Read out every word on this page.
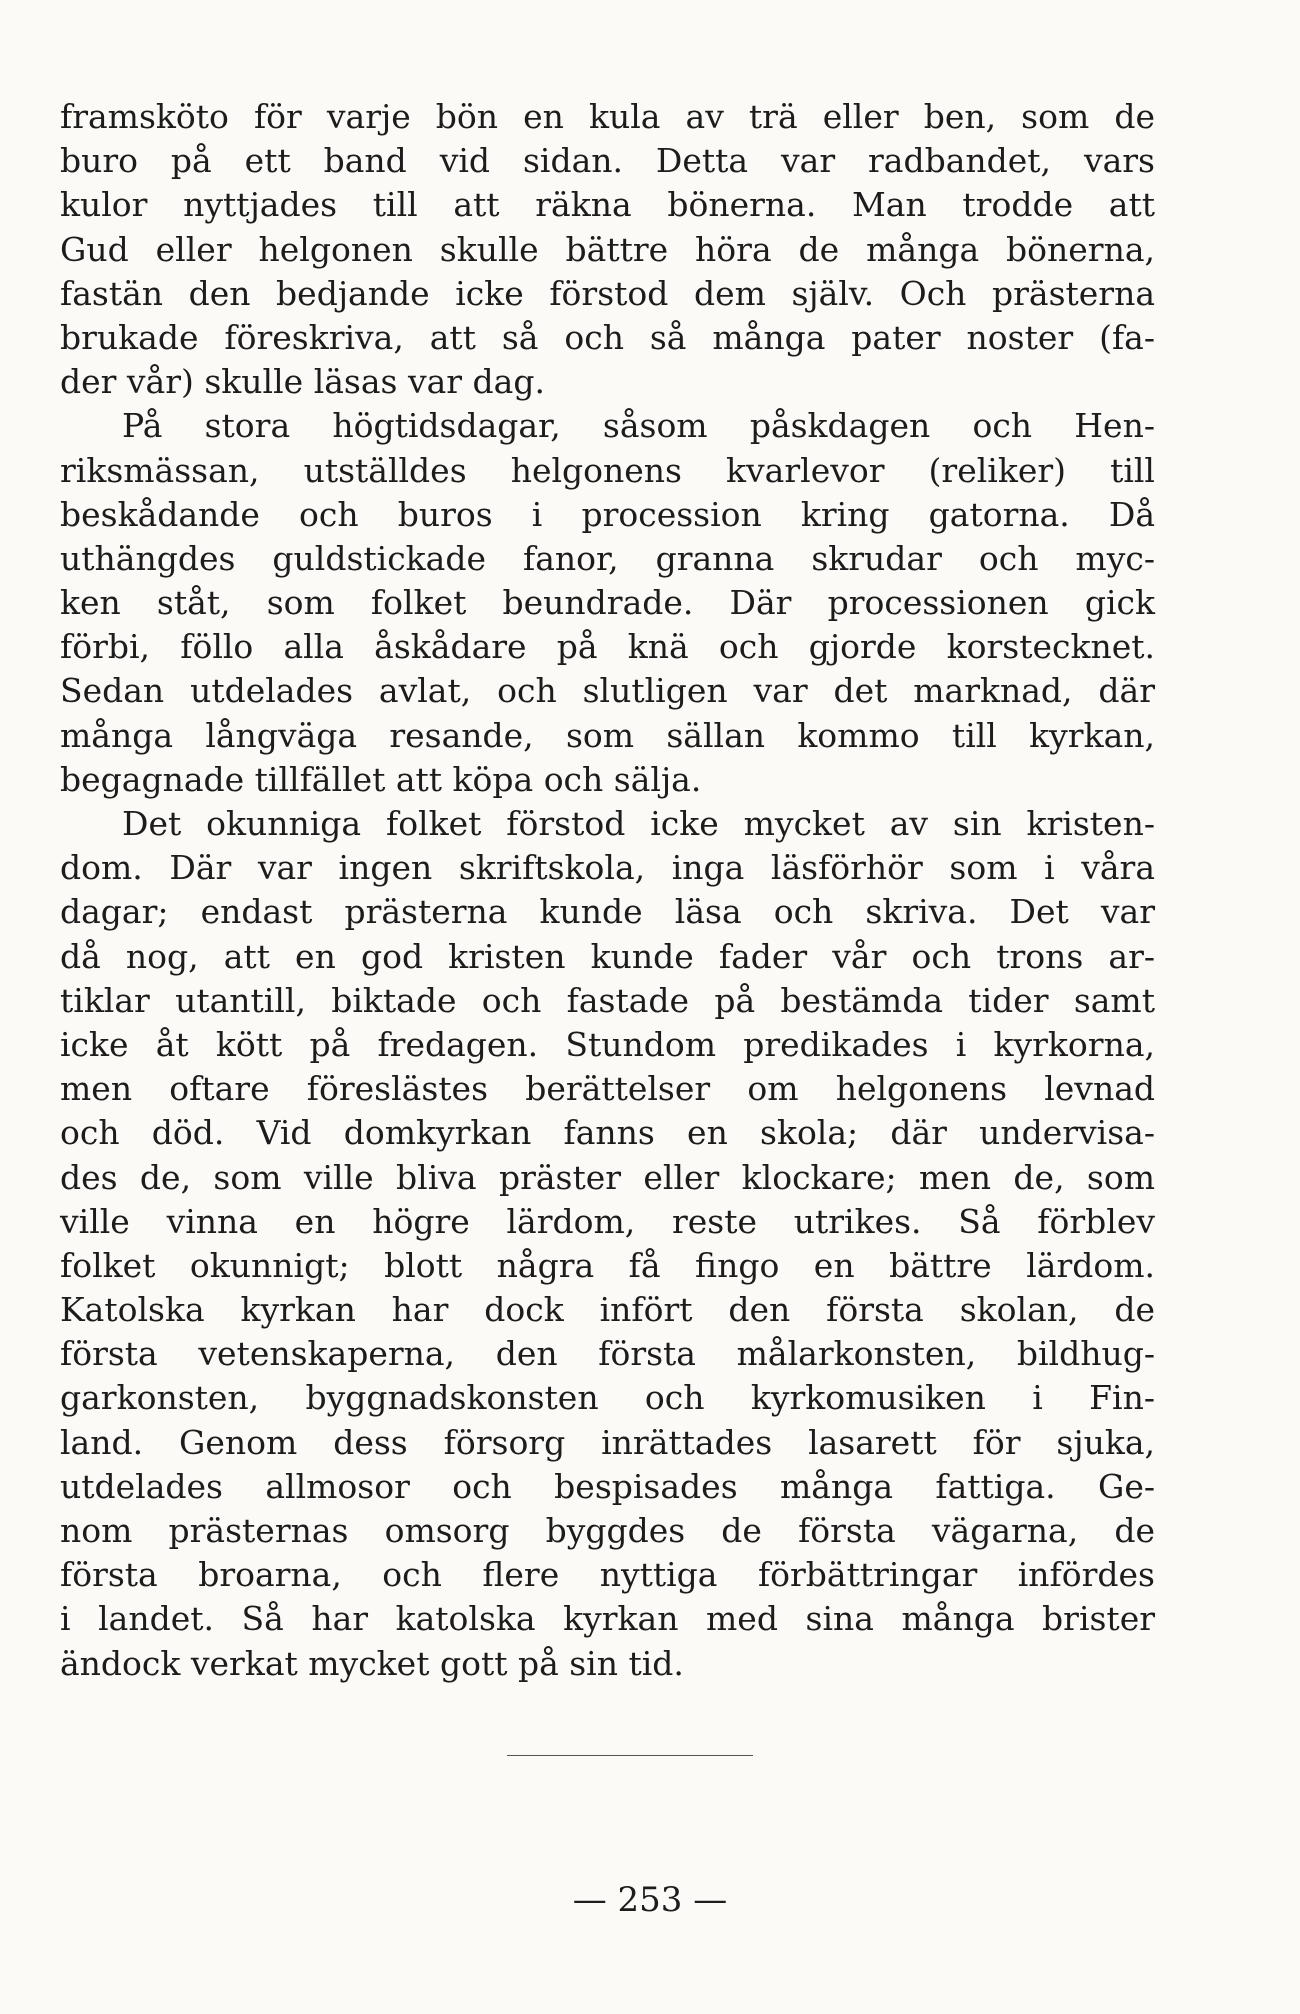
framsköto för varje bön en kula av trä eller ben, som de
buro på ett band vid sidan. Detta var radbandet, vars
kulor nyttjades till att räkna bönerna. Man trodde att
Gud eller helgonen skulle bättre höra de många bönerna,
fastän den bedjande icke förstod dem själv. Och prästerna
brukade föreskriva, att så och så många pater noster (fa-
der vår) skulle läsas var dag.
På stora högtidsdagar, såsom påskdagen och Hen-
riksmässan, utställdes helgonens kvarlevor (reliker) till
beskådande och buros i procession kring gatorna. Då
uthängdes guldstickade fanor, granna skrudar och myc-
ken ståt, som folket beundrade. Där processionen gick
förbi, föllo alla åskådare på knä och gjorde korstecknet.
Sedan utdelades avlat, och slutligen var det marknad, där
många långväga resande, som sällan kommo till kyrkan,
begagnade tillfället att köpa och sälja.
Det okunniga folket förstod icke mycket av sin kristen-
dom. Där var ingen skriftskola, inga läsförhör som i våra
dagar; endast prästerna kunde läsa och skriva. Det var
då nog, att en god kristen kunde fader vår och trons ar-
tiklar utantill, biktade och fastade på bestämda tider samt
icke åt kött på fredagen. Stundom predikades i kyrkorna,
men oftare föreslästes berättelser om helgonens levnad
och död. Vid domkyrkan fanns en skola; där undervisa-
des de, som ville bliva präster eller klockare; men de, som
ville vinna en högre lärdom, reste utrikes. Så förblev
folket okunnigt; blott några få fingo en bättre lärdom.
Katolska kyrkan har dock infört den första skolan, de
första vetenskaperna, den första målarkonsten, bildhug-
garkonsten, byggnadskonsten och kyrkomusiken i Fin-
land. Genom dess försorg inrättades lasarett för sjuka,
utdelades allmosor och bespisades många fattiga. Ge-
nom prästernas omsorg byggdes de första vägarna, de
första broarna, och flere nyttiga förbättringar infördes
i landet. Så har katolska kyrkan med sina många brister
ändock verkat mycket gott på sin tid.
— 253 —
